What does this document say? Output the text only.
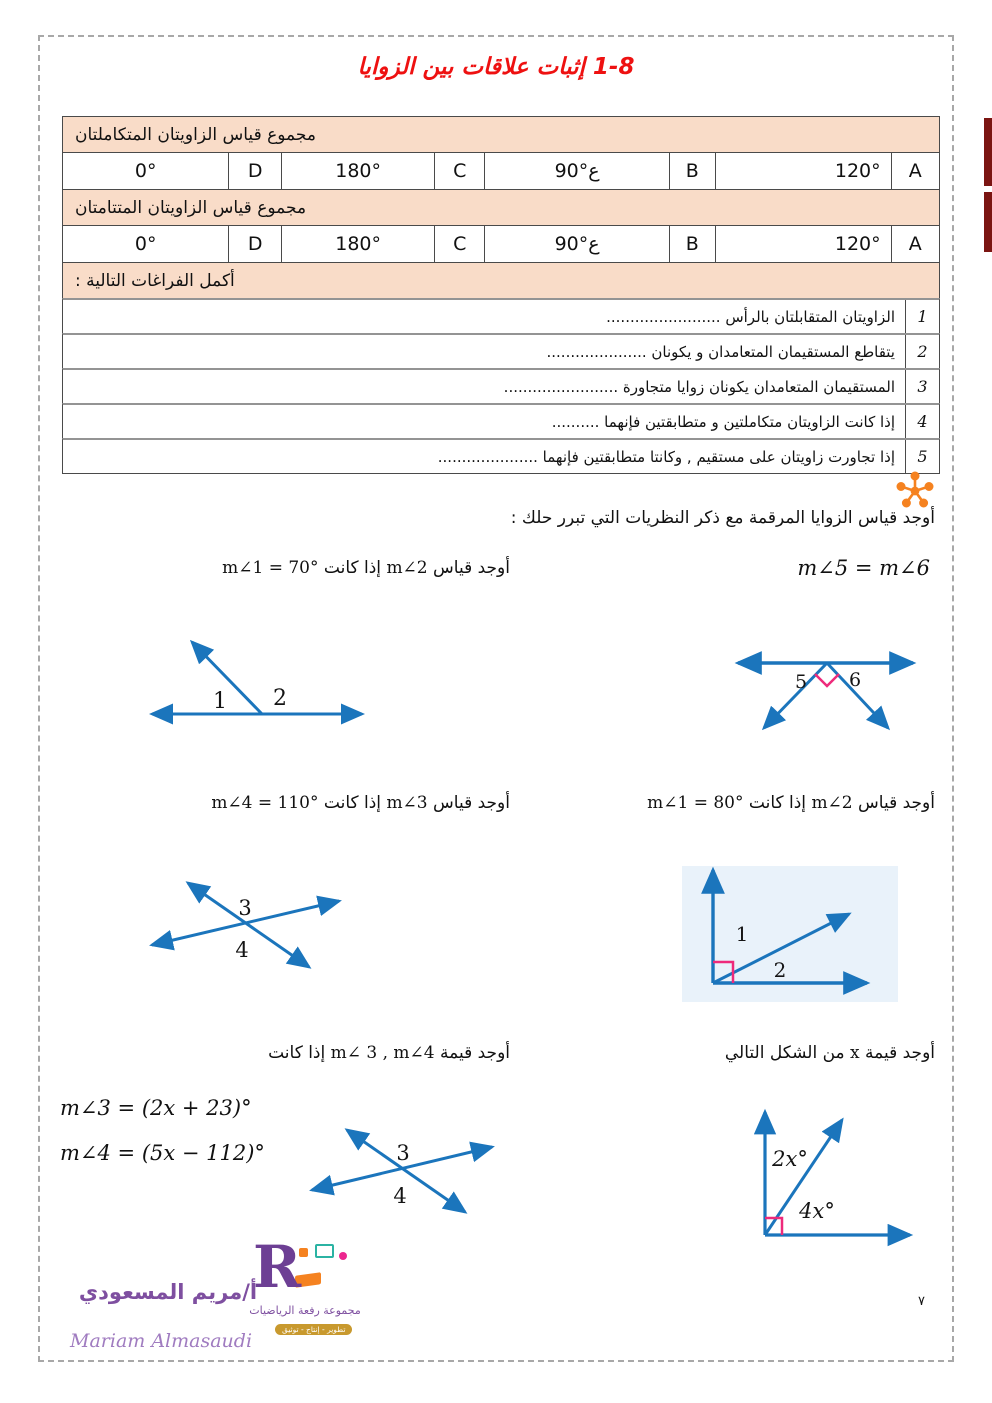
1-8 إثبات علاقات بين الزوايا
مجموع قياس الزاويتان المتكاملتان
0°	D	180°	C	90°ع	B	120°	A
مجموع قياس الزاويتان المتتامتان
0°	D	180°	C	90°ع	B	120°	A
أكمل الفراغات التالية :
1
الزاويتان المتقابلتان بالرأس ........................
2
يتقاطع المستقيمان المتعامدان و يكونان .....................
3
المستقيمان المتعامدان يكونان زوايا متجاورة ........................
4
إذا كانت الزاويتان متكاملتين و متطابقتين فإنهما ..........
5
إذا تجاورت زاويتان على مستقيم , وكانتا متطابقتين فإنهما .....................
أوجد قياس الزوايا المرقمة مع ذكر النظريات التي تبرر حلك :
m∠5 = m∠6
أوجد قياس m∠2 إذا كانت m∠1 = 70°
1 2
5 6
أوجد قياس m∠2 إذا كانت m∠1 = 80°
أوجد قياس m∠3 إذا كانت m∠4 = 110°
3
4
1
2
أوجد قيمة x من الشكل التالي
أوجد قيمة m∠ 3 , m∠4 إذا كانت
m∠3 = (2x + 23)°
m∠4 = (5x − 112)°	3
4
2x°
4x°
أ/مريم المسعودي
R
مجموعة رفعة الرياضيات
تطوير - إنتاج - توثيق
Mariam Almasaudi
٧
